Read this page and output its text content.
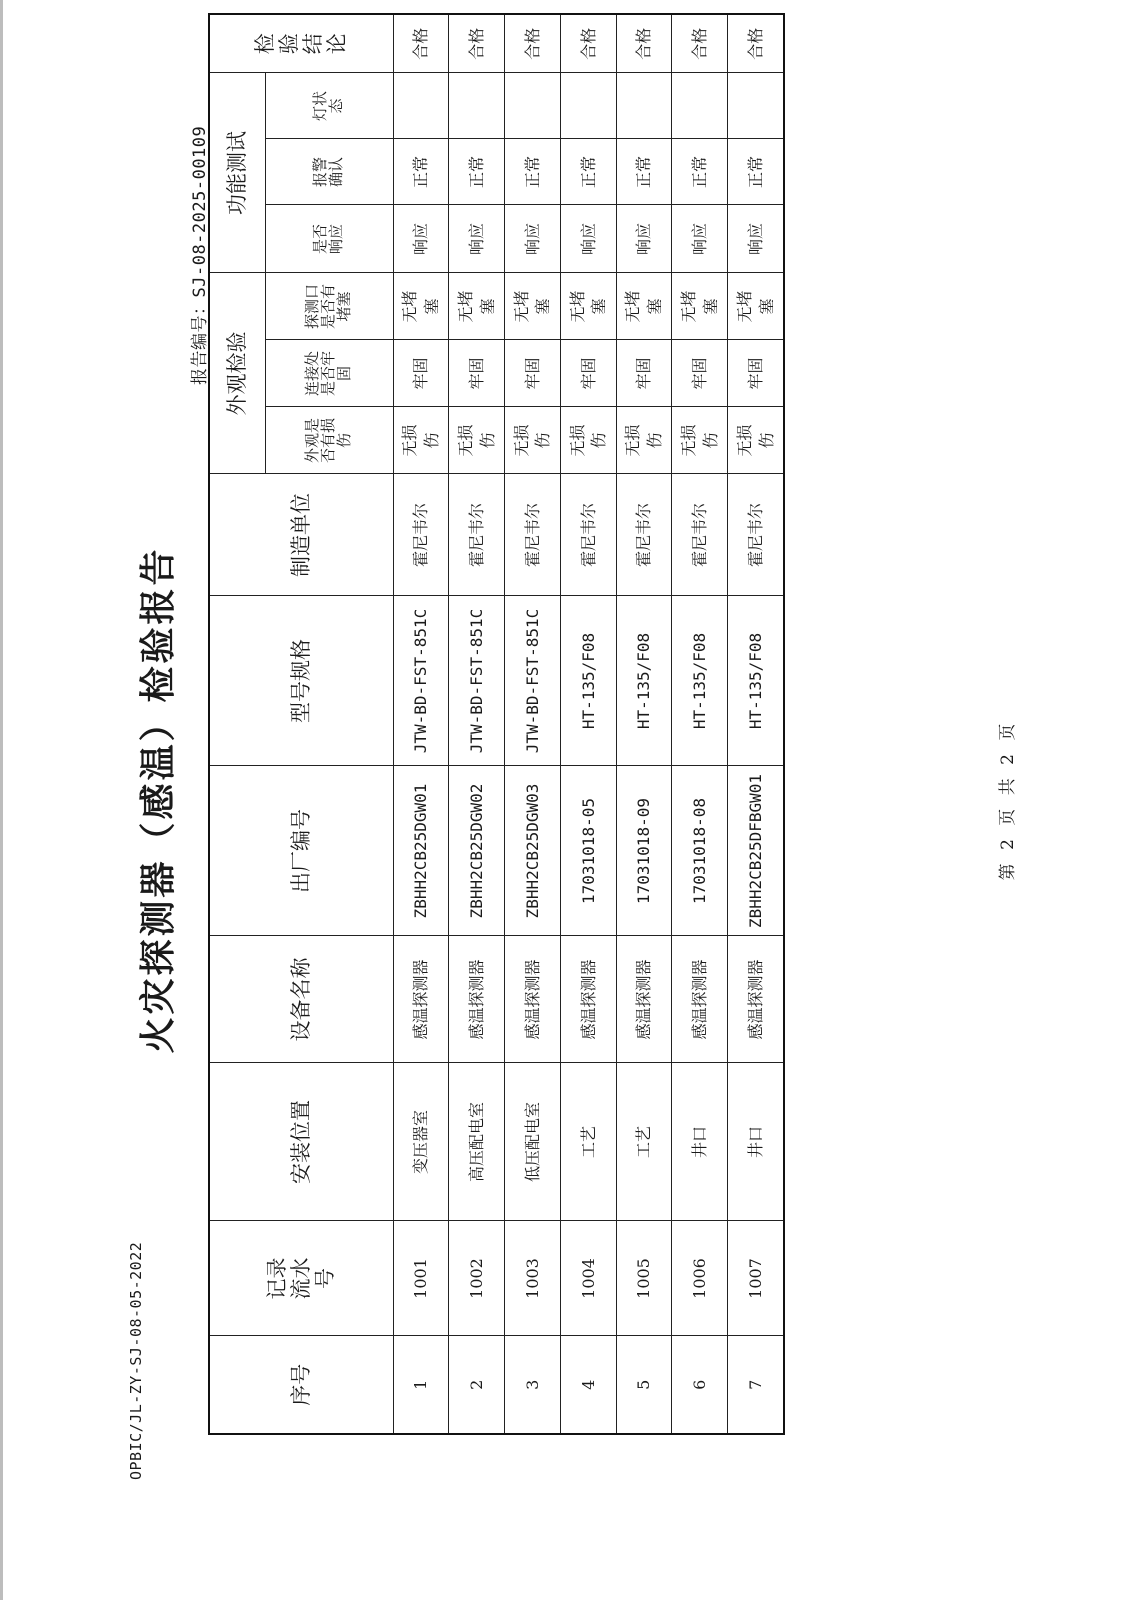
OPBIC/JL-ZY-SJ-08-05-2022
报告编号：SJ-08-2025-00109
火灾探测器（感温）检验报告
序号	记录流水号	安装位置	设备名称	出厂编号	型号规格	制造单位	外观检验			功能测试			检验结论
							外观是否有损伤	连接处是否牢固	探测口是否有堵塞	是否响应	报警确认	灯状态	
1	1001	变压器室	感温探测器	ZBHH2CB25DGW01	JTW-BD-FST-851C	霍尼韦尔	无损伤	牢固	无堵塞	响应	正常		合格
2	1002	高压配电室	感温探测器	ZBHH2CB25DGW02	JTW-BD-FST-851C	霍尼韦尔	无损伤	牢固	无堵塞	响应	正常		合格
3	1003	低压配电室	感温探测器	ZBHH2CB25DGW03	JTW-BD-FST-851C	霍尼韦尔	无损伤	牢固	无堵塞	响应	正常		合格
4	1004	工艺	感温探测器	17031018-05	HT-135/F08	霍尼韦尔	无损伤	牢固	无堵塞	响应	正常		合格
5	1005	工艺	感温探测器	17031018-09	HT-135/F08	霍尼韦尔	无损伤	牢固	无堵塞	响应	正常		合格
6	1006	井口	感温探测器	17031018-08	HT-135/F08	霍尼韦尔	无损伤	牢固	无堵塞	响应	正常		合格
7	1007	井口	感温探测器	ZBHH2CB25DFBGW01	HT-135/F08	霍尼韦尔	无损伤	牢固	无堵塞	响应	正常		合格
第 2 页 共 2 页
